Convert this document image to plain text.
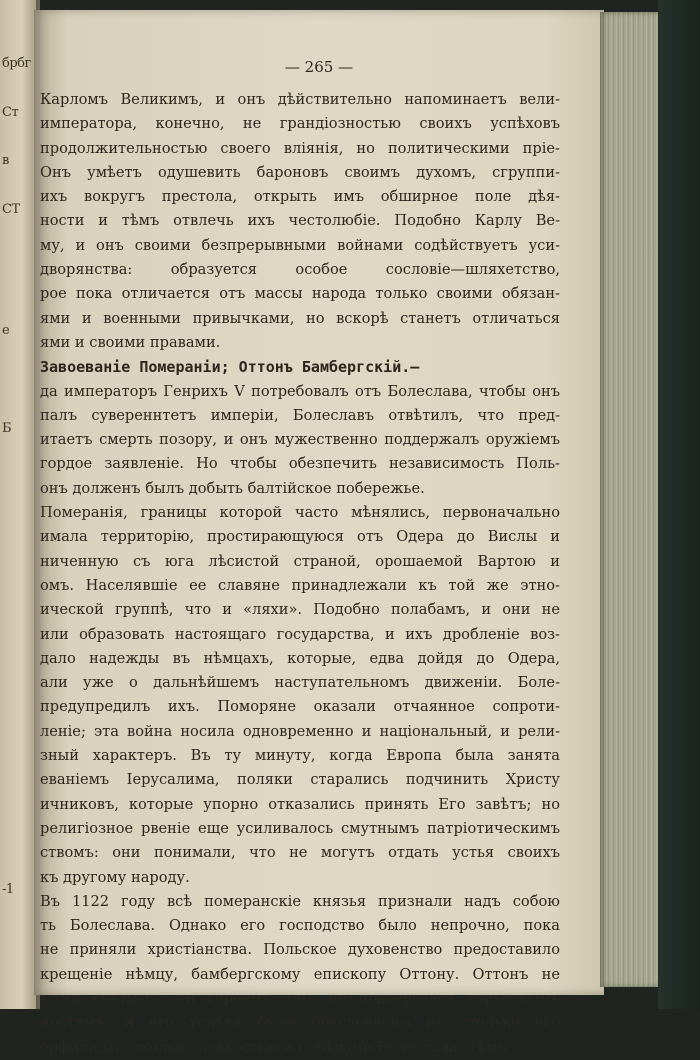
брбг
Ст
в
СТ
е
Б
-1
— 265 —
Карломъ Великимъ, и онъ дѣйствительно напоминаетъ вели-
императора, конечно, не грандіозностью своихъ успѣховъ
продолжительностью своего вліянія, но политическими пріе-
Онъ умѣетъ одушевить бароновъ своимъ духомъ, сгруппи-
ихъ вокругъ престола, открыть имъ обширное поле дѣя-
ности и тѣмъ отвлечь ихъ честолюбіе. Подобно Карлу Ве-
му, и онъ своими безпрерывными войнами содѣйствуетъ уси-
дворянства: образуется особое сословіе—шляхетство,
рое пока отличается отъ массы народа только своими обязан-
ями и военными привычками, но вскорѣ станетъ отличаться
ями и своими правами.
Завоеваніе Помераніи; Оттонъ Бамбергскій.—
да императоръ Генрихъ V потребовалъ отъ Болеслава, чтобы онъ
палъ сувереннтетъ имперіи, Болеславъ отвѣтилъ, что пред-
итаетъ смерть позору, и онъ мужественно поддержалъ оружіемъ
гордое заявленіе. Но чтобы обезпечить независимость Поль-
онъ долженъ былъ добыть балтійское побережье.
Померанія, границы которой часто мѣнялись, первоначально
имала территорію, простирающуюся отъ Одера до Вислы и
ниченную съ юга лѣсистой страной, орошаемой Вартою и
омъ. Населявшіе ее славяне принадлежали къ той же этно-
ической группѣ, что и «ляхи». Подобно полабамъ, и они не
или образовать настоящаго государства, и ихъ дробленіе воз-
дало надежды въ нѣмцахъ, которые, едва дойдя до Одера,
али уже о дальнѣйшемъ наступательномъ движеніи. Боле-
предупредилъ ихъ. Поморяне оказали отчаянное сопроти-
леніе; эта война носила одновременно и національный, и рели-
зный характеръ. Въ ту минуту, когда Европа была занята
еваніемъ Іерусалима, поляки старались подчинить Христу
ичниковъ, которые упорно отказались принять Его завѣтъ; но
религіозное рвеніе еще усиливалось смутнымъ патріотическимъ
ствомъ: они понимали, что не могутъ отдать устья своихъ
къ другому народу.
Въ 1122 году всѣ померанскіе князья признали надъ собою
ть Болеслава. Однако его господство было непрочно, пока
не приняли христіанства. Польское духовенство предоставило
крещеніе нѣмцу, бамбергскому епископу Оттону. Оттонъ не
ъ ни святымъ, ни героемъ; онъ не подвергался серьезнымъ
ностямъ, и его успѣхи были обусловлены не столько его
орфичіемъ, сколько ловкостью и побѣдами Болеслава. Тѣмъ
